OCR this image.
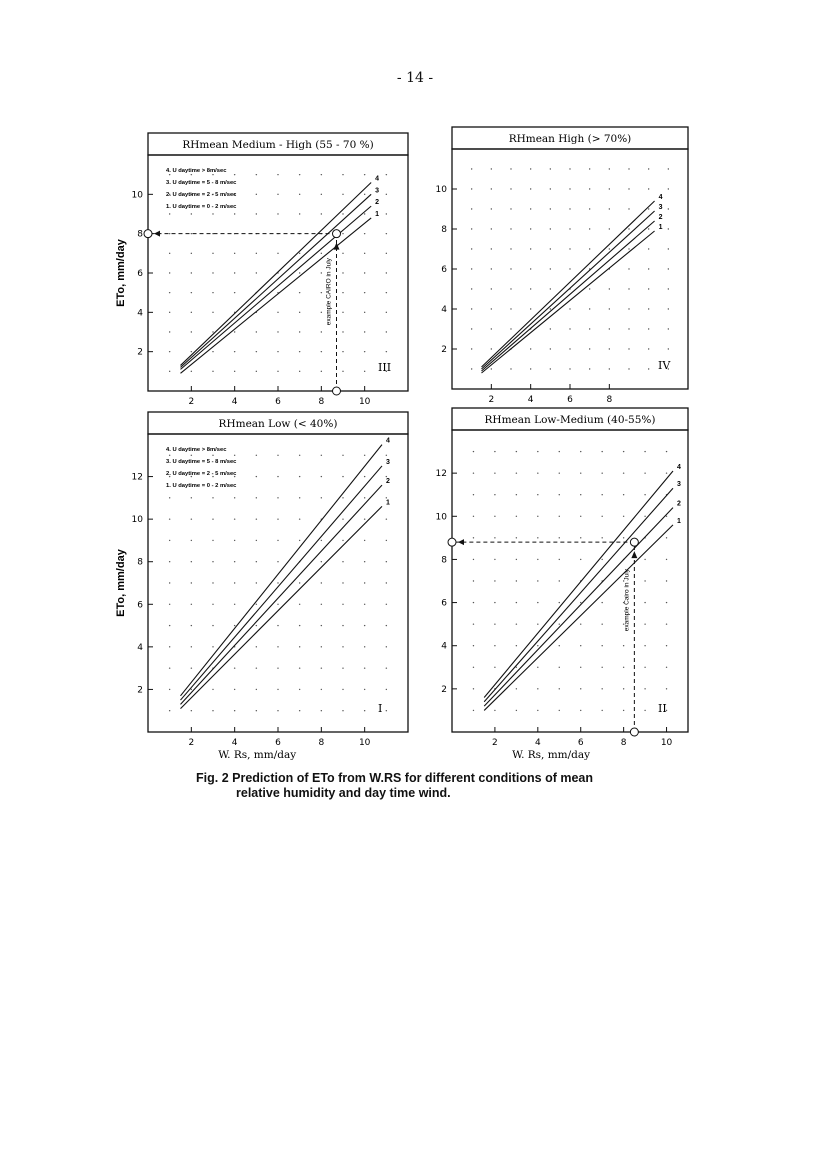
- 14 -
RHmean Medium - High (55 - 70 %)
2	4	6	8	10
2
4
6
8
10
ETo, mm/day
4. U daytime > 8m/sec
3. U daytime = 5 - 8 m/sec
2. U daytime = 2 - 5 m/sec
1. U daytime = 0 - 2 m/sec
1
2
3
4
III
example CAIRO in July
RHmean High (> 70%)
2	4	6	8
2
4
6
8
10
1
2
3
4
IV
RHmean Low (< 40%)
2	4	6	8	10
2
4
6
8
10
12
ETo, mm/day
W. Rs, mm/day
4. U daytime > 8m/sec
3. U daytime = 5 - 8 m/sec
2. U daytime = 2 - 5 m/sec
1. U daytime = 0 - 2 m/sec
1
2
3
4
I
RHmean Low-Medium (40-55%)
2	4	6	8	10
2
4
6
8
10
12
W. Rs, mm/day
1
2
3
4
II
example Cairo in July
Fig. 2 Prediction of ETo from W.RS for different conditions of mean
relative humidity and day time wind.
